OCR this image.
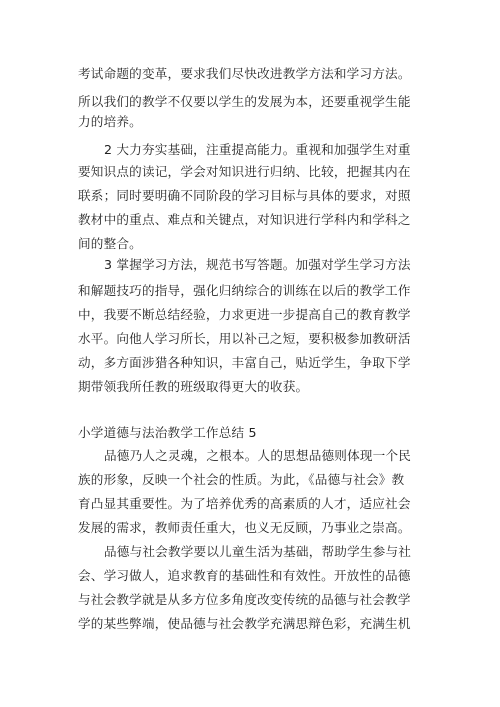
考试命题的变革，要求我们尽快改进教学方法和学习方法。
所以我们的教学不仅要以学生的发展为本，还要重视学生能
力的培养。
2 大力夯实基础，注重提高能力。重视和加强学生对重
要知识点的读记，学会对知识进行归纳、比较，把握其内在
联系；同时要明确不同阶段的学习目标与具体的要求，对照
教材中的重点、难点和关键点，对知识进行学科内和学科之
间的整合。
3 掌握学习方法，规范书写答题。加强对学生学习方法
和解题技巧的指导，强化归纳综合的训练在以后的教学工作
中，我要不断总结经验，力求更进一步提高自己的教育教学
水平。向他人学习所长，用以补己之短，要积极参加教研活
动，多方面涉猎各种知识，丰富自己，贴近学生，争取下学
期带领我所任教的班级取得更大的收获。
小学道德与法治教学工作总结 5
品德乃人之灵魂，之根本。人的思想品德则体现一个民
族的形象，反映一个社会的性质。为此，《品德与社会》教
育凸显其重要性。为了培养优秀的高素质的人才，适应社会
发展的需求，教师责任重大，也义无反顾，乃事业之崇高。
品德与社会教学要以儿童生活为基础，帮助学生参与社
会、学习做人，追求教育的基础性和有效性。开放性的品德
与社会教学就是从多方位多角度改变传统的品德与社会教学
学的某些弊端，使品德与社会教学充满思辩色彩，充满生机
